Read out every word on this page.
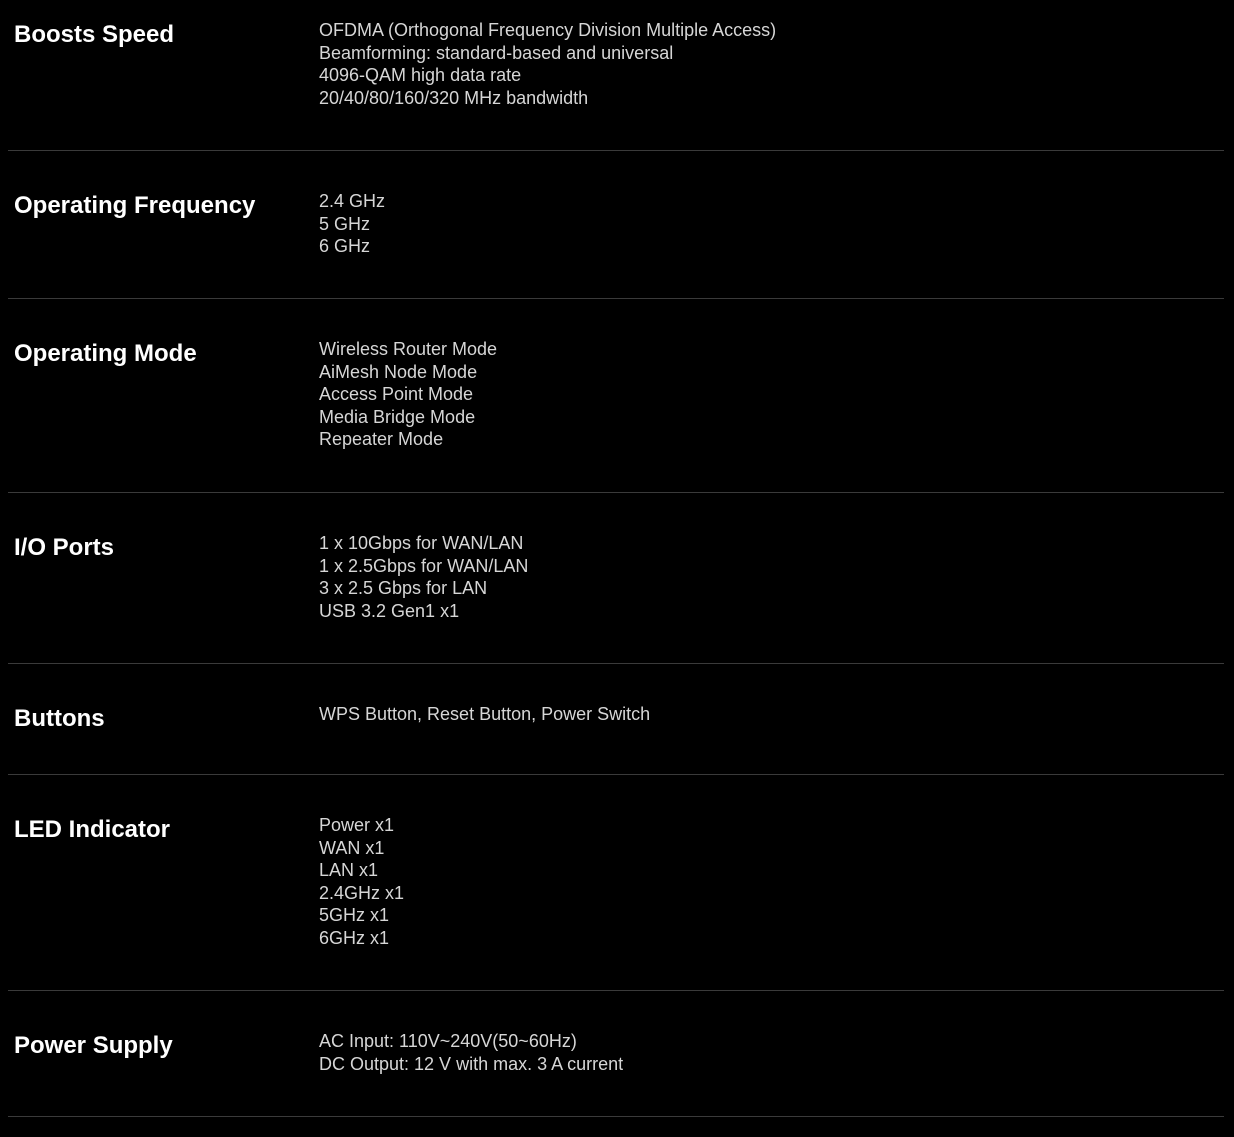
Boosts Speed	OFDMA (Orthogonal Frequency Division Multiple Access)
Beamforming: standard-based and universal
4096-QAM high data rate
20/40/80/160/320 MHz bandwidth
Operating Frequency	2.4 GHz
5 GHz
6 GHz
Operating Mode	Wireless Router Mode
AiMesh Node Mode
Access Point Mode
Media Bridge Mode
Repeater Mode
I/O Ports	1 x 10Gbps for WAN/LAN
1 x 2.5Gbps for WAN/LAN
3 x 2.5 Gbps for LAN
USB 3.2 Gen1 x1
Buttons	WPS Button, Reset Button, Power Switch
LED Indicator	Power x1
WAN x1
LAN x1
2.4GHz x1
5GHz x1
6GHz x1
Power Supply	AC Input: 110V~240V(50~60Hz)
DC Output: 12 V with max. 3 A current
